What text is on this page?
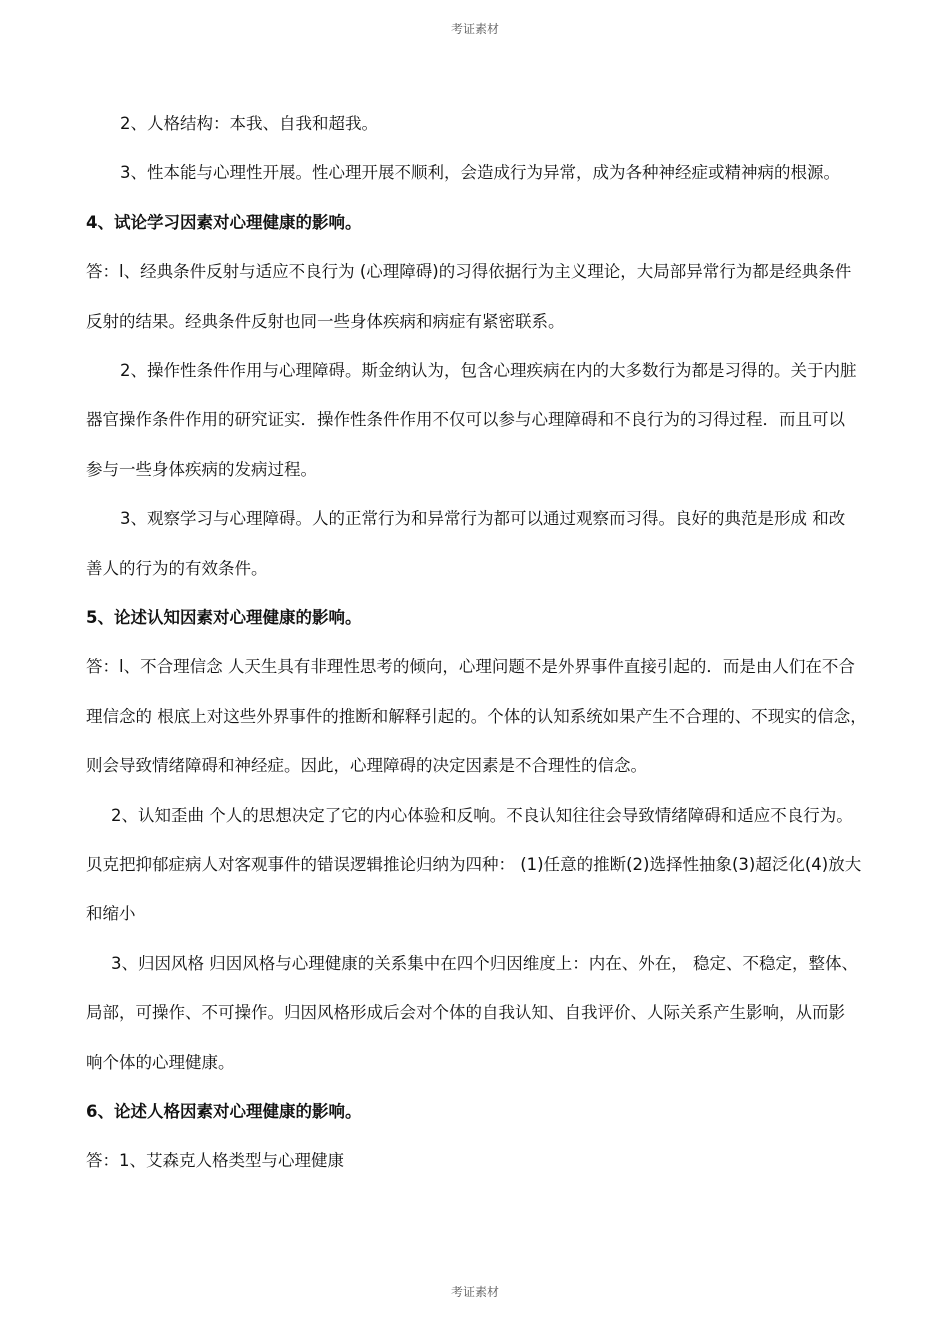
考证素材
2、人格结构：本我、自我和超我。
3、性本能与心理性开展。性心理开展不顺利，会造成行为异常，成为各种神经症或精神病的根源。
4、试论学习因素对心理健康的影响。
答：l、经典条件反射与适应不良行为 (心理障碍)的习得依据行为主义理论，大局部异常行为都是经典条件
反射的结果。经典条件反射也同一些身体疾病和病症有紧密联系。
2、操作性条件作用与心理障碍。斯金纳认为，包含心理疾病在内的大多数行为都是习得的。关于内脏
器官操作条件作用的研究证实．操作性条件作用不仅可以参与心理障碍和不良行为的习得过程．而且可以
参与一些身体疾病的发病过程。
3、观察学习与心理障碍。人的正常行为和异常行为都可以通过观察而习得。良好的典范是形成 和改
善人的行为的有效条件。
5、论述认知因素对心理健康的影响。
答：l、不合理信念 人天生具有非理性思考的倾向，心理问题不是外界事件直接引起的．而是由人们在不合
理信念的 根底上对这些外界事件的推断和解释引起的。个体的认知系统如果产生不合理的、不现实的信念，
则会导致情绪障碍和神经症。因此，心理障碍的决定因素是不合理性的信念。
2、认知歪曲 个人的思想决定了它的内心体验和反响。不良认知往往会导致情绪障碍和适应不良行为。
贝克把抑郁症病人对客观事件的错误逻辑推论归纳为四种： (1)任意的推断(2)选择性抽象(3)超泛化(4)放大
和缩小
3、归因风格 归因风格与心理健康的关系集中在四个归因维度上：内在、外在， 稳定、不稳定，整体、
局部，可操作、不可操作。归因风格形成后会对个体的自我认知、自我评价、人际关系产生影响，从而影
响个体的心理健康。
6、论述人格因素对心理健康的影响。
答：1、艾森克人格类型与心理健康
考证素材
